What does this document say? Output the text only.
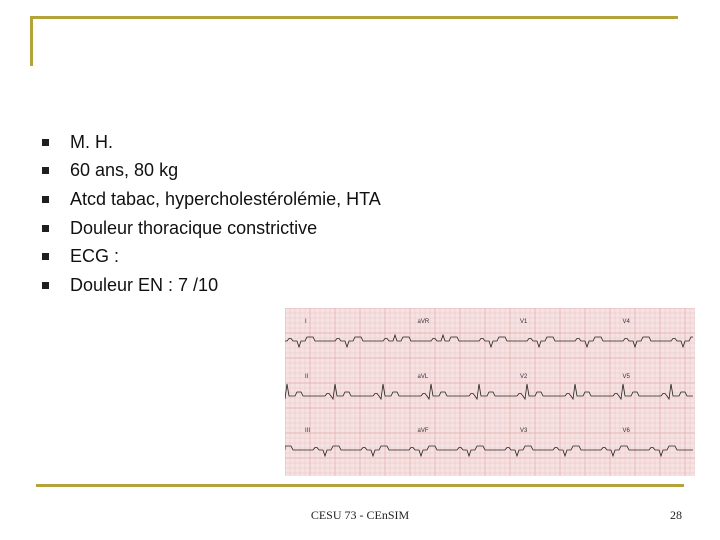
M. H.
60 ans, 80 kg
Atcd tabac, hypercholestérolémie, HTA
Douleur thoracique constrictive
ECG :
Douleur EN : 7 /10
I	aVR	V1	V4
II	aVL	V2	V5
III	aVF	V3	V6
CESU 73 - CEnSIM	28
